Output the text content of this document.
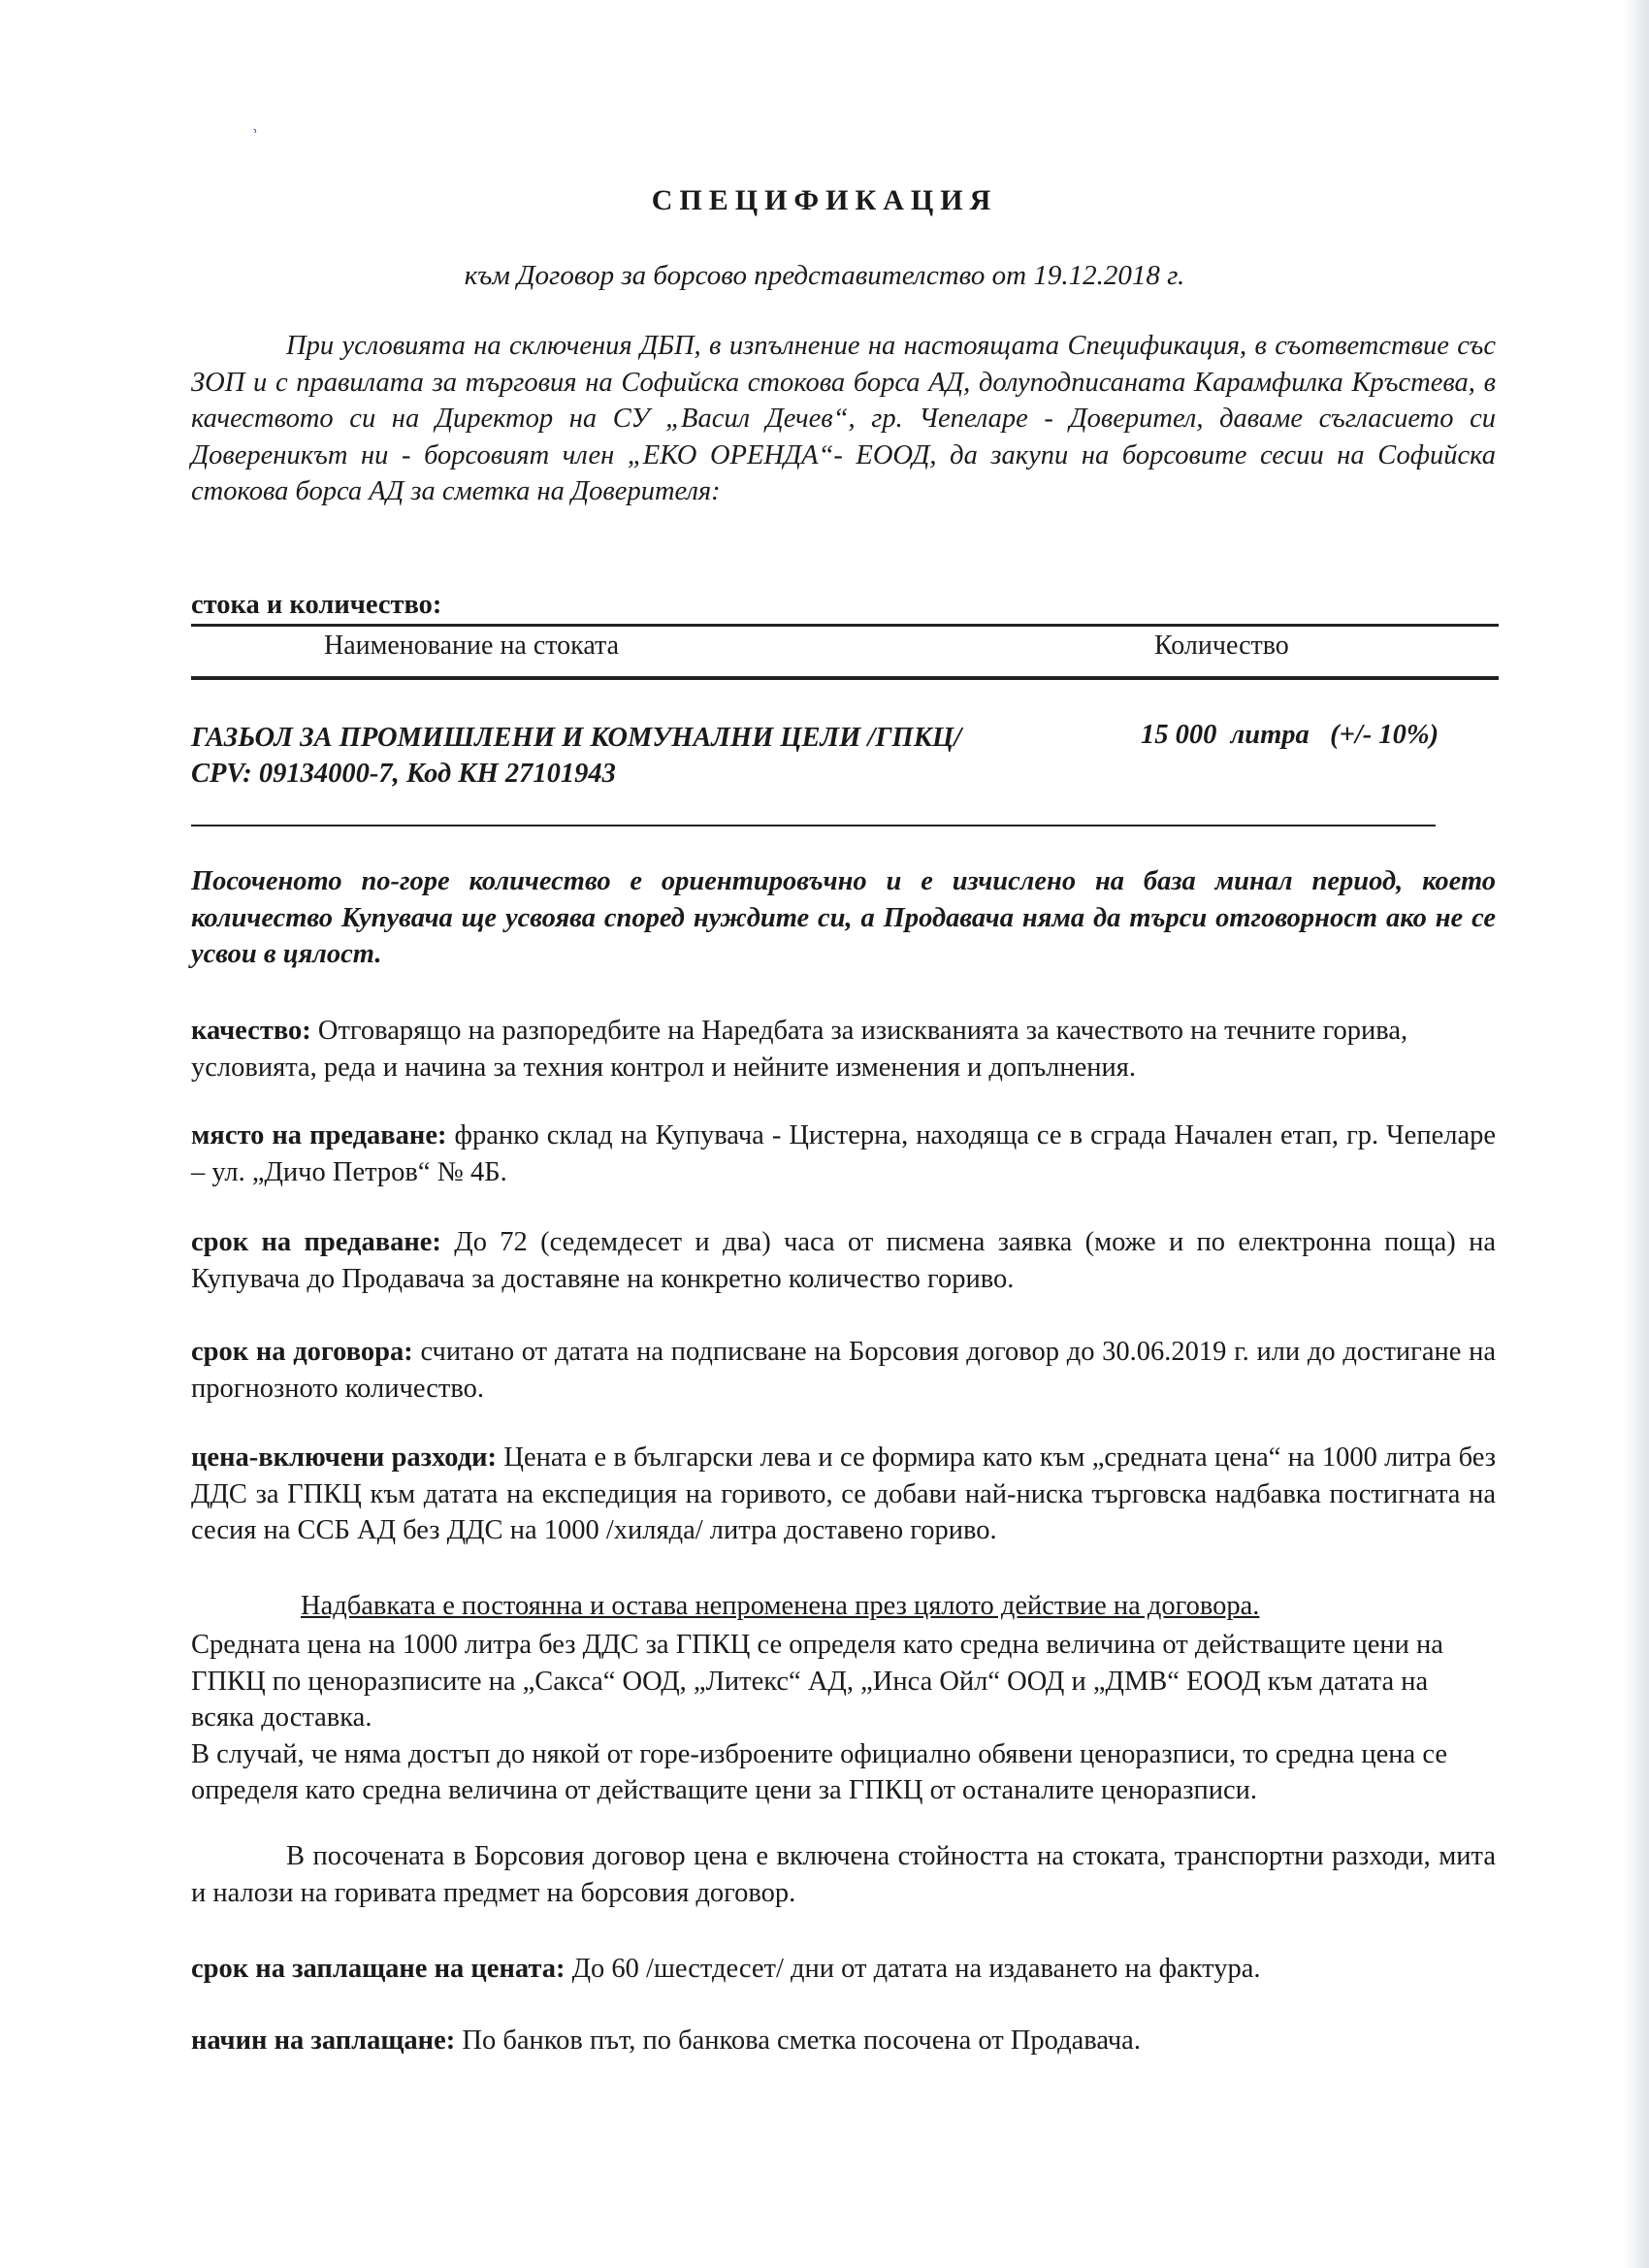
˒
СПЕЦИФИКАЦИЯ
към Договор за борсово представителство от 19.12.2018 г.
При условията на сключения ДБП, в изпълнение на настоящата Спецификация, в съответствие със ЗОП и с правилата за търговия на Софийска стокова борса АД, долуподписаната Карамфилка Кръстева, в качеството си на Директор на СУ „Васил Дечев“, гр. Чепеларе - Доверител, даваме съгласието си Довереникът ни - борсовият член „ЕКО ОРЕНДА“- ЕООД, да закупи на борсовите сесии на Софийска стокова борса АД за сметка на Доверителя:
стока и количество:
Наименование на стоката	Количество
ГАЗЬОЛ ЗА ПРОМИШЛЕНИ И КОМУНАЛНИ ЦЕЛИ /ГПКЦ/
CPV: 09134000-7, Код КН 27101943
15 000  литра   (+/- 10%)
Посоченото по-горе количество е ориентировъчно и е изчислено на база минал период, което количество Купувача ще усвоява според нуждите си, а Продавача няма да търси отговорност ако не се усвои в цялост.
качество: Отговарящо на разпоредбите на Наредбата за изискванията за качеството на течните горива, условията, реда и начина за техния контрол и нейните изменения и допълнения.
място на предаване: франко склад на Купувача - Цистерна, находяща се в сграда Начален етап, гр. Чепеларе – ул. „Дичо Петров“ № 4Б.
срок на предаване: До 72 (седемдесет и два) часа от писмена заявка (може и по електронна поща) на Купувача до Продавача за доставяне на конкретно количество гориво.
срок на договора: считано от датата на подписване на Борсовия договор до 30.06.2019 г. или до достигане на прогнозното количество.
цена-включени разходи: Цената е в български лева и се формира като към „средната цена“ на 1000 литра без ДДС за ГПКЦ към датата на експедиция на горивото, се добави най-ниска търговска надбавка постигната на сесия на ССБ АД без ДДС на 1000 /хиляда/ литра доставено гориво.
Надбавката е постоянна и остава непроменена през цялото действие на договора.
Средната цена на 1000 литра без ДДС за ГПКЦ се определя като средна величина от действащите цени на ГПКЦ по ценоразписите на „Сакса“ ООД, „Литекс“ АД, „Инса Ойл“ ООД и „ДМВ“ ЕООД към датата на всяка доставка.
В случай, че няма достъп до някой от горе-изброените официално обявени ценоразписи, то средна цена се определя като средна величина от действащите цени за ГПКЦ от останалите ценоразписи.
В посочената в Борсовия договор цена е включена стойността на стоката, транспортни разходи, мита и налози на горивата предмет на борсовия договор.
срок на заплащане на цената: До 60 /шестдесет/ дни от датата на издаването на фактура.
начин на заплащане: По банков път, по банкова сметка посочена от Продавача.
